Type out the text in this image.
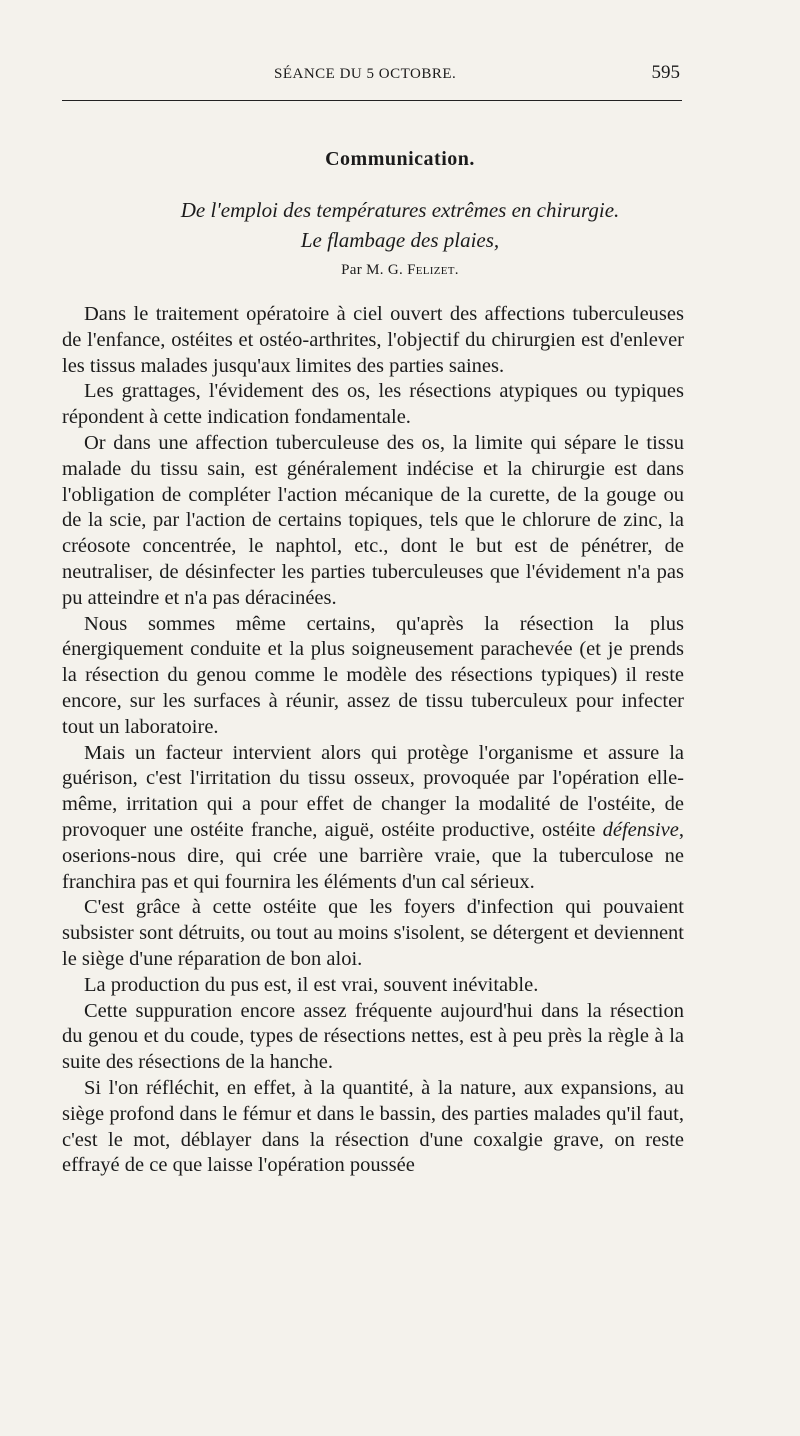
SÉANCE DU 5 OCTOBRE.	595
Communication.
De l'emploi des températures extrêmes en chirurgie.
Le flambage des plaies,
Par M. G. Felizet.

Dans le traitement opératoire à ciel ouvert des affections tuberculeuses de l'enfance, ostéites et ostéo-arthrites, l'objectif du chirurgien est d'enlever les tissus malades jusqu'aux limites des parties saines.

Les grattages, l'évidement des os, les résections atypiques ou typiques répondent à cette indication fondamentale.

Or dans une affection tuberculeuse des os, la limite qui sépare le tissu malade du tissu sain, est généralement indécise et la chirurgie est dans l'obligation de compléter l'action mécanique de la curette, de la gouge ou de la scie, par l'action de certains topiques, tels que le chlorure de zinc, la créosote concentrée, le naphtol, etc., dont le but est de pénétrer, de neutraliser, de désinfecter les parties tuberculeuses que l'évidement n'a pas pu atteindre et n'a pas déracinées.

Nous sommes même certains, qu'après la résection la plus énergiquement conduite et la plus soigneusement parachevée (et je prends la résection du genou comme le modèle des résections typiques) il reste encore, sur les surfaces à réunir, assez de tissu tuberculeux pour infecter tout un laboratoire.

Mais un facteur intervient alors qui protège l'organisme et assure la guérison, c'est l'irritation du tissu osseux, provoquée par l'opération elle-même, irritation qui a pour effet de changer la modalité de l'ostéite, de provoquer une ostéite franche, aiguë, ostéite productive, ostéite défensive, oserions-nous dire, qui crée une barrière vraie, que la tuberculose ne franchira pas et qui fournira les éléments d'un cal sérieux.

C'est grâce à cette ostéite que les foyers d'infection qui pouvaient subsister sont détruits, ou tout au moins s'isolent, se détergent et deviennent le siège d'une réparation de bon aloi.

La production du pus est, il est vrai, souvent inévitable.

Cette suppuration encore assez fréquente aujourd'hui dans la résection du genou et du coude, types de résections nettes, est à peu près la règle à la suite des résections de la hanche.

Si l'on réfléchit, en effet, à la quantité, à la nature, aux expansions, au siège profond dans le fémur et dans le bassin, des parties malades qu'il faut, c'est le mot, déblayer dans la résection d'une coxalgie grave, on reste effrayé de ce que laisse l'opération poussée
